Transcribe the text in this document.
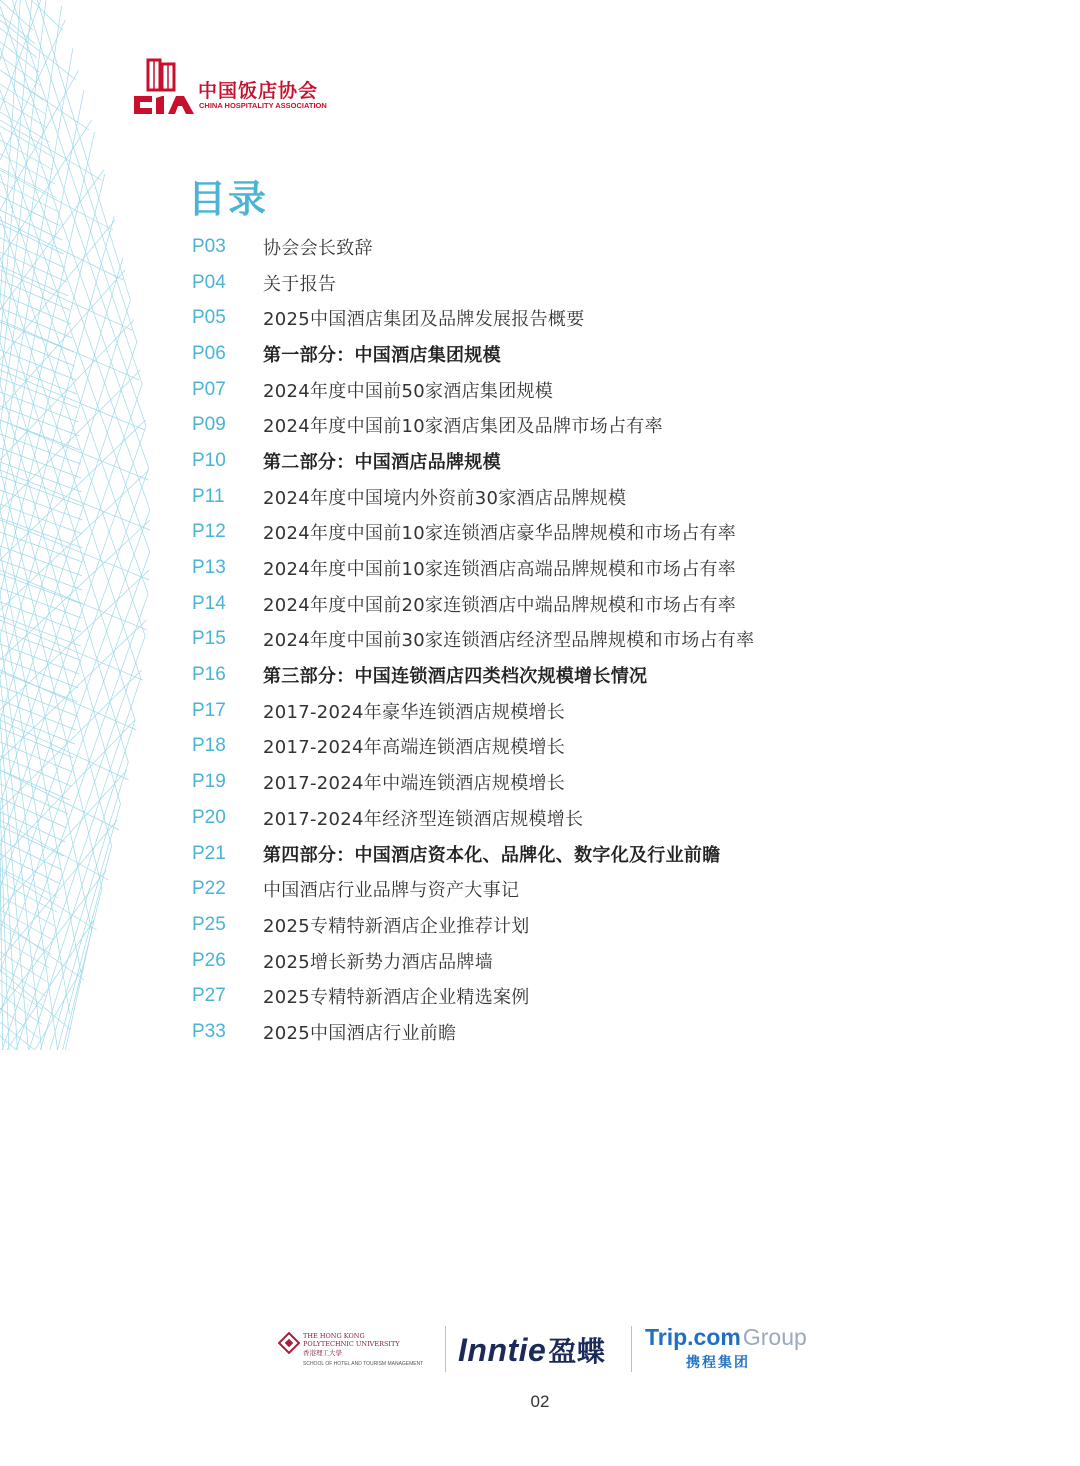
中国饭店协会
CHINA HOSPITALITY ASSOCIATION
目录
P03	协会会长致辞
P04	关于报告
P05	2025中国酒店集团及品牌发展报告概要
P06	第一部分：中国酒店集团规模
P07	2024年度中国前50家酒店集团规模
P09	2024年度中国前10家酒店集团及品牌市场占有率
P10	第二部分：中国酒店品牌规模
P11	2024年度中国境内外资前30家酒店品牌规模
P12	2024年度中国前10家连锁酒店豪华品牌规模和市场占有率
P13	2024年度中国前10家连锁酒店高端品牌规模和市场占有率
P14	2024年度中国前20家连锁酒店中端品牌规模和市场占有率
P15	2024年度中国前30家连锁酒店经济型品牌规模和市场占有率
P16	第三部分：中国连锁酒店四类档次规模增长情况
P17	2017-2024年豪华连锁酒店规模增长
P18	2017-2024年高端连锁酒店规模增长
P19	2017-2024年中端连锁酒店规模增长
P20	2017-2024年经济型连锁酒店规模增长
P21	第四部分：中国酒店资本化、品牌化、数字化及行业前瞻
P22	中国酒店行业品牌与资产大事记
P25	2025专精特新酒店企业推荐计划
P26	2025增长新势力酒店品牌墙
P27	2025专精特新酒店企业精选案例
P33	2025中国酒店行业前瞻
THE HONG KONG
POLYTECHNIC UNIVERSITY
香港理工大學
SCHOOL OF HOTEL AND TOURISM MANAGEMENT Inntie盈蝶 Trip.comGroup
携程集团
02
